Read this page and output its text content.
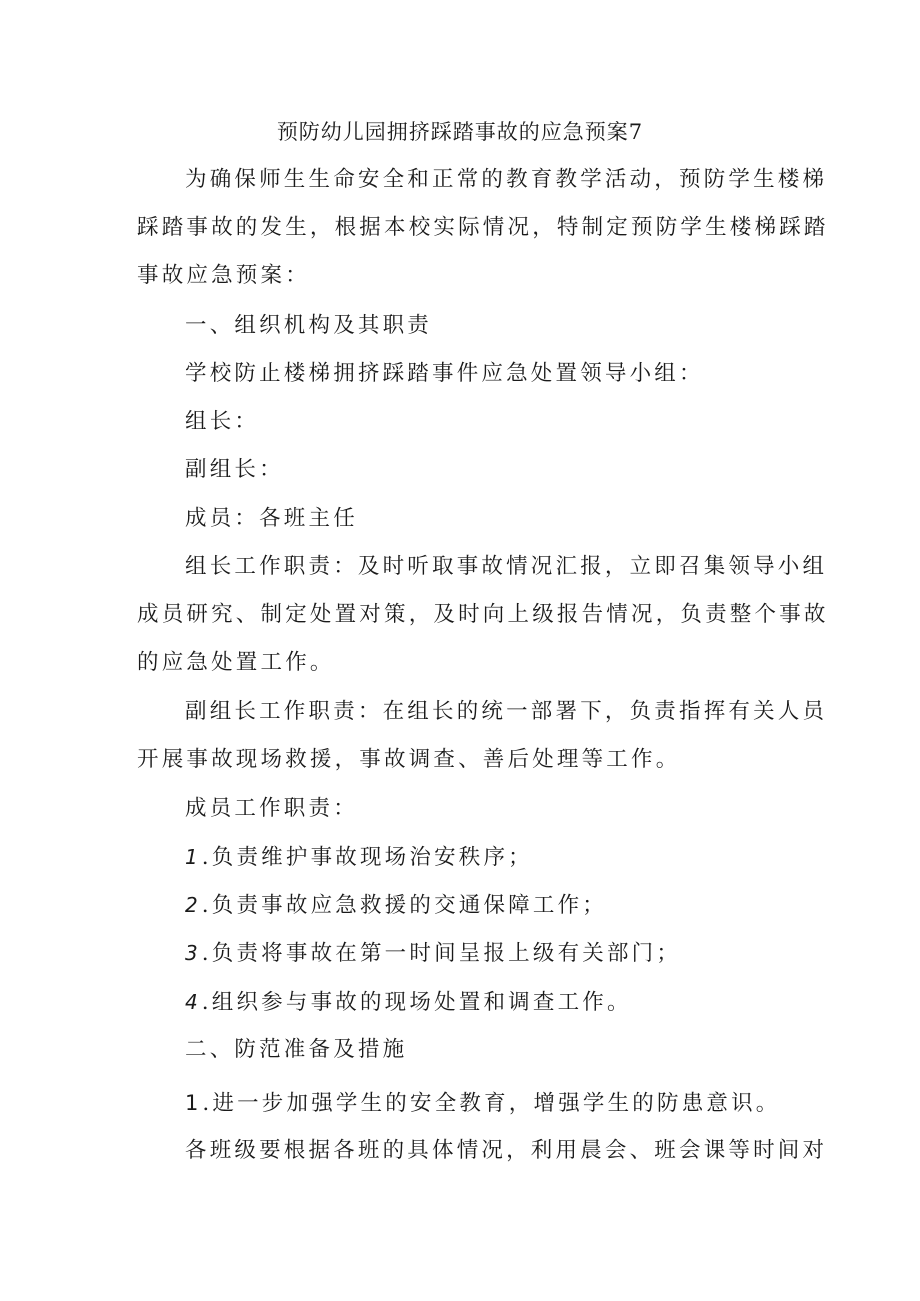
预防幼儿园拥挤踩踏事故的应急预案7
为确保师生生命安全和正常的教育教学活动，预防学生楼梯
踩踏事故的发生，根据本校实际情况，特制定预防学生楼梯踩踏
事故应急预案：
一、组织机构及其职责
学校防止楼梯拥挤踩踏事件应急处置领导小组：
组长：
副组长：
成员：各班主任
组长工作职责：及时听取事故情况汇报，立即召集领导小组
成员研究、制定处置对策，及时向上级报告情况，负责整个事故
的应急处置工作。
副组长工作职责：在组长的统一部署下，负责指挥有关人员
开展事故现场救援，事故调查、善后处理等工作。
成员工作职责：
1.负责维护事故现场治安秩序；
2.负责事故应急救援的交通保障工作；
3.负责将事故在第一时间呈报上级有关部门；
4.组织参与事故的现场处置和调查工作。
二、防范准备及措施
1.进一步加强学生的安全教育，增强学生的防患意识。
各班级要根据各班的具体情况，利用晨会、班会课等时间对
